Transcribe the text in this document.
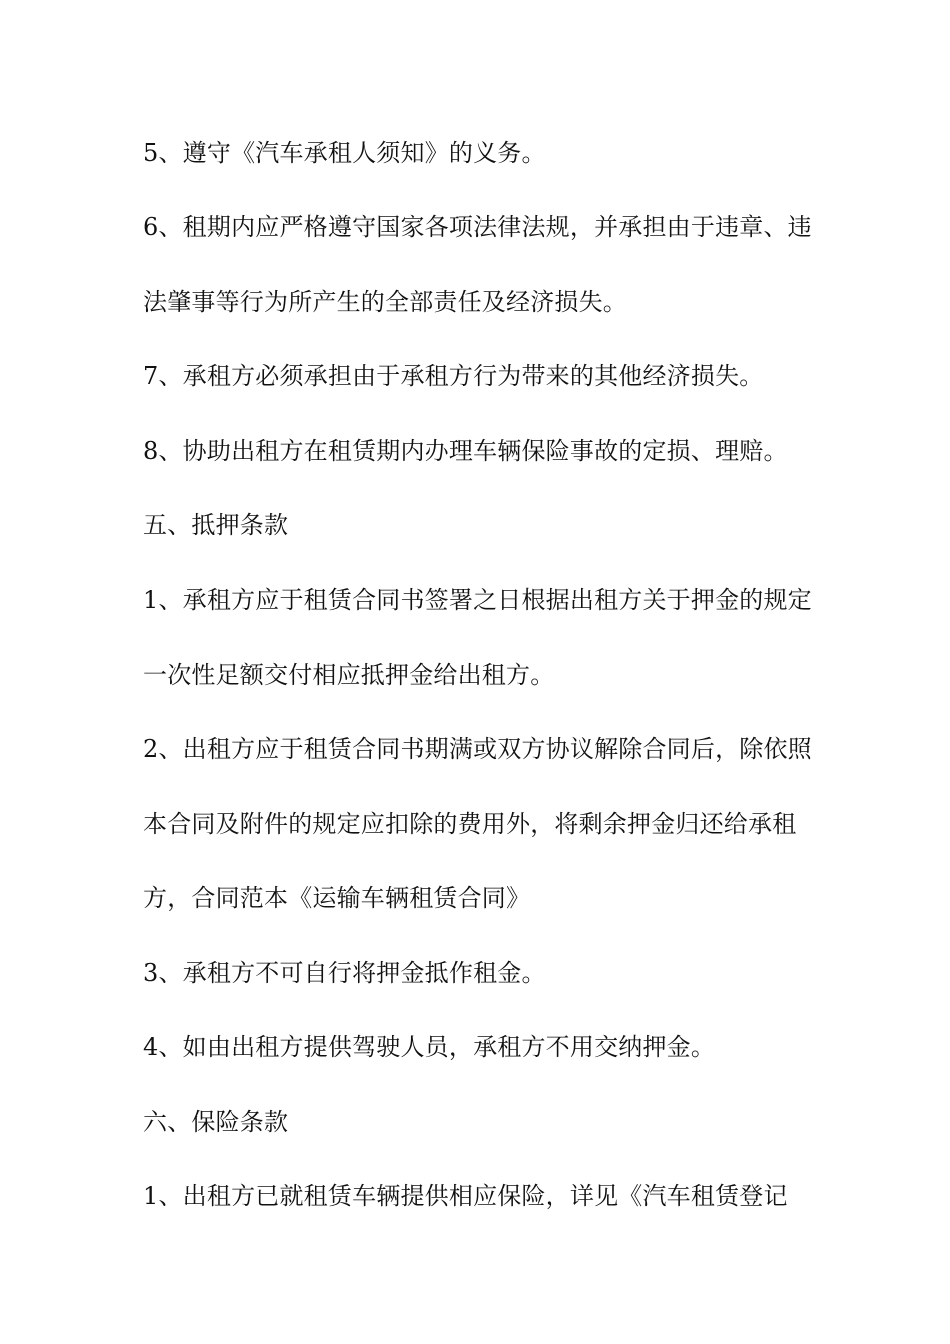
5、遵守《汽车承租人须知》的义务。
6、租期内应严格遵守国家各项法律法规，并承担由于违章、违
法肇事等行为所产生的全部责任及经济损失。
7、承租方必须承担由于承租方行为带来的其他经济损失。
8、协助出租方在租赁期内办理车辆保险事故的定损、理赔。
五、抵押条款
1、承租方应于租赁合同书签署之日根据出租方关于押金的规定
一次性足额交付相应抵押金给出租方。
2、出租方应于租赁合同书期满或双方协议解除合同后，除依照
本合同及附件的规定应扣除的费用外，将剩余押金归还给承租
方，合同范本《运输车辆租赁合同》
3、承租方不可自行将押金抵作租金。
4、如由出租方提供驾驶人员，承租方不用交纳押金。
六、保险条款
1、出租方已就租赁车辆提供相应保险，详见《汽车租赁登记
